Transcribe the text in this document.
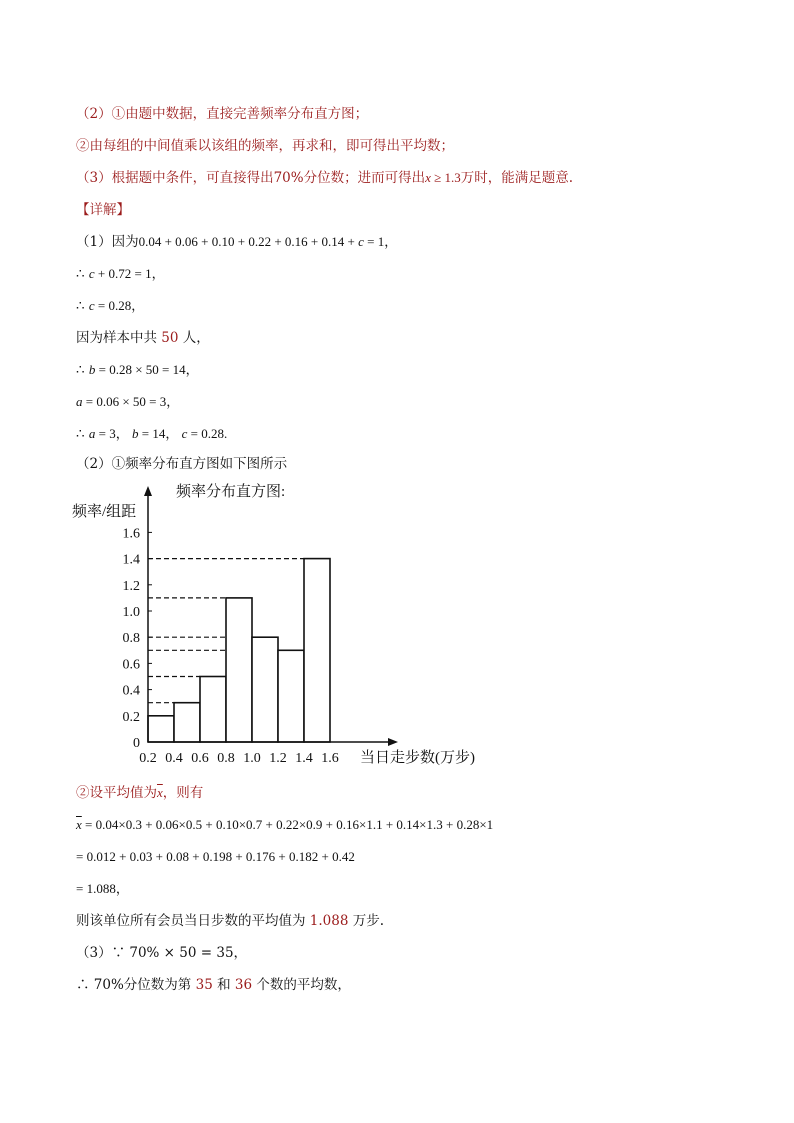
（2）①由题中数据，直接完善频率分布直方图；
②由每组的中间值乘以该组的频率，再求和，即可得出平均数；
（3）根据题中条件，可直接得出70%分位数；进而可得出x ≥ 1.3万时，能满足题意.
【详解】
（1）因为0.04 + 0.06 + 0.10 + 0.22 + 0.16 + 0.14 + c = 1，
∴ c + 0.72 = 1，
∴ c = 0.28，
因为样本中共 50 人，
∴ b = 0.28 × 50 = 14，
a = 0.06 × 50 = 3，
∴ a = 3， b = 14， c = 0.28.
（2）①频率分布直方图如下图所示
频率分布直方图:
频率/组距
当日走步数(万步)
0
0.2
0.4
0.6
0.8
1.0
1.2
1.4
1.6
0.2 0.4 0.6 0.8 1.0 1.2 1.4 1.6
②设平均值为$\overline{x}$，则有
$\overline{x} = 0.04\times 0.3 + 0.06\times 0.5 + 0.10\times 0.7 + 0.22\times 0.9 + 0.16\times 1.1 + 0.14\times 1.3 + 0.28\times 1$
= 0.012 + 0.03 + 0.08 + 0.198 + 0.176 + 0.182 + 0.42
= 1.088，
则该单位所有会员当日步数的平均值为 1.088 万步.
（3）∵ 70% × 50 = 35，
∴ 70%分位数为第 35 和 36 个数的平均数，
